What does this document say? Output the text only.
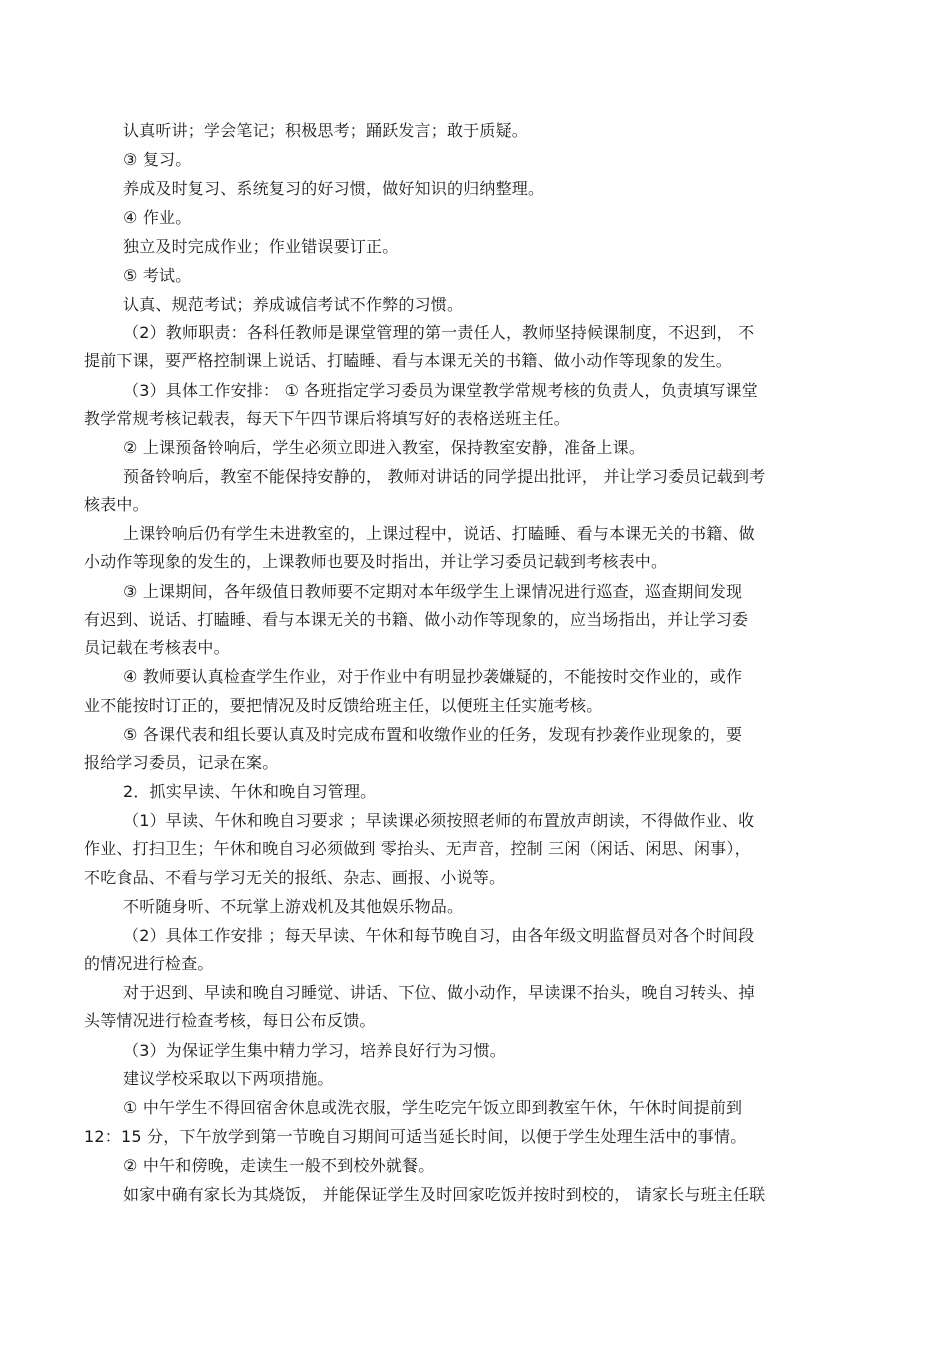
认真听讲；学会笔记；积极思考；踊跃发言；敢于质疑。
③ 复习。
养成及时复习、系统复习的好习惯，做好知识的归纳整理。
④ 作业。
独立及时完成作业；作业错误要订正。
⑤ 考试。
认真、规范考试；养成诚信考试不作弊的习惯。
（2）教师职责：各科任教师是课堂管理的第一责任人，教师坚持候课制度，不迟到， 不
提前下课，要严格控制课上说话、打瞌睡、看与本课无关的书籍、做小动作等现象的发生。
（3）具体工作安排： ① 各班指定学习委员为课堂教学常规考核的负责人，负责填写课堂
教学常规考核记载表，每天下午四节课后将填写好的表格送班主任。
② 上课预备铃响后，学生必须立即进入教室，保持教室安静，准备上课。
预备铃响后，教室不能保持安静的， 教师对讲话的同学提出批评， 并让学习委员记载到考
核表中。
上课铃响后仍有学生未进教室的，上课过程中，说话、打瞌睡、看与本课无关的书籍、做
小动作等现象的发生的，上课教师也要及时指出，并让学习委员记载到考核表中。
③ 上课期间，各年级值日教师要不定期对本年级学生上课情况进行巡查，巡查期间发现
有迟到、说话、打瞌睡、看与本课无关的书籍、做小动作等现象的，应当场指出，并让学习委
员记载在考核表中。
④ 教师要认真检查学生作业，对于作业中有明显抄袭嫌疑的，不能按时交作业的，或作
业不能按时订正的，要把情况及时反馈给班主任，以便班主任实施考核。
⑤ 各课代表和组长要认真及时完成布置和收缴作业的任务，发现有抄袭作业现象的，要
报给学习委员，记录在案。
2．抓实早读、午休和晚自习管理。
（1）早读、午休和晚自习要求 ；早读课必须按照老师的布置放声朗读，不得做作业、收
作业、打扫卫生；午休和晚自习必须做到 零抬头、无声音，控制 三闲（闲话、闲思、闲事），
不吃食品、不看与学习无关的报纸、杂志、画报、小说等。
不听随身听、不玩掌上游戏机及其他娱乐物品。
（2）具体工作安排 ；每天早读、午休和每节晚自习，由各年级文明监督员对各个时间段
的情况进行检查。
对于迟到、早读和晚自习睡觉、讲话、下位、做小动作，早读课不抬头，晚自习转头、掉
头等情况进行检查考核，每日公布反馈。
（3）为保证学生集中精力学习，培养良好行为习惯。
建议学校采取以下两项措施。
① 中午学生不得回宿舍休息或洗衣服，学生吃完午饭立即到教室午休，午休时间提前到
12：15 分，下午放学到第一节晚自习期间可适当延长时间，以便于学生处理生活中的事情。
② 中午和傍晚，走读生一般不到校外就餐。
如家中确有家长为其烧饭， 并能保证学生及时回家吃饭并按时到校的， 请家长与班主任联
